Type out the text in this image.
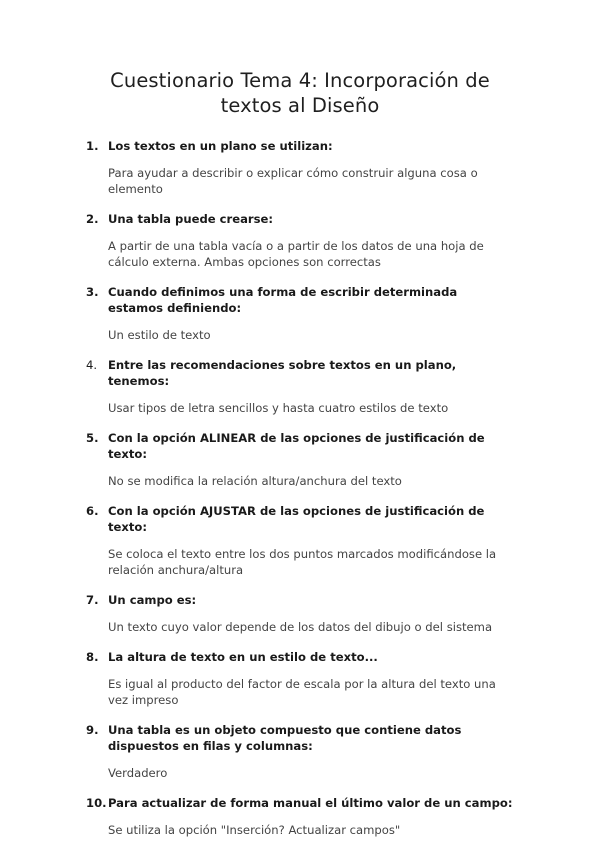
Cuestionario Tema 4: Incorporación de textos al Diseño
1. Los textos en un plano se utilizan:
Para ayudar a describir o explicar cómo construir alguna cosa o elemento
2. Una tabla puede crearse:
A partir de una tabla vacía o a partir de los datos de una hoja de cálculo externa. Ambas opciones son correctas
3. Cuando definimos una forma de escribir determinada estamos definiendo:
Un estilo de texto
4. Entre las recomendaciones sobre textos en un plano, tenemos:
Usar tipos de letra sencillos y hasta cuatro estilos de texto
5. Con la opción ALINEAR de las opciones de justificación de texto:
No se modifica la relación altura/anchura del texto
6. Con la opción AJUSTAR de las opciones de justificación de texto:
Se coloca el texto entre los dos puntos marcados modificándose la relación anchura/altura
7. Un campo es:
Un texto cuyo valor depende de los datos del dibujo o del sistema
8. La altura de texto en un estilo de texto...
Es igual al producto del factor de escala por la altura del texto una vez impreso
9. Una tabla es un objeto compuesto que contiene datos dispuestos en filas y columnas:
Verdadero
10. Para actualizar de forma manual el último valor de un campo:
Se utiliza la opción "Inserción? Actualizar campos"
